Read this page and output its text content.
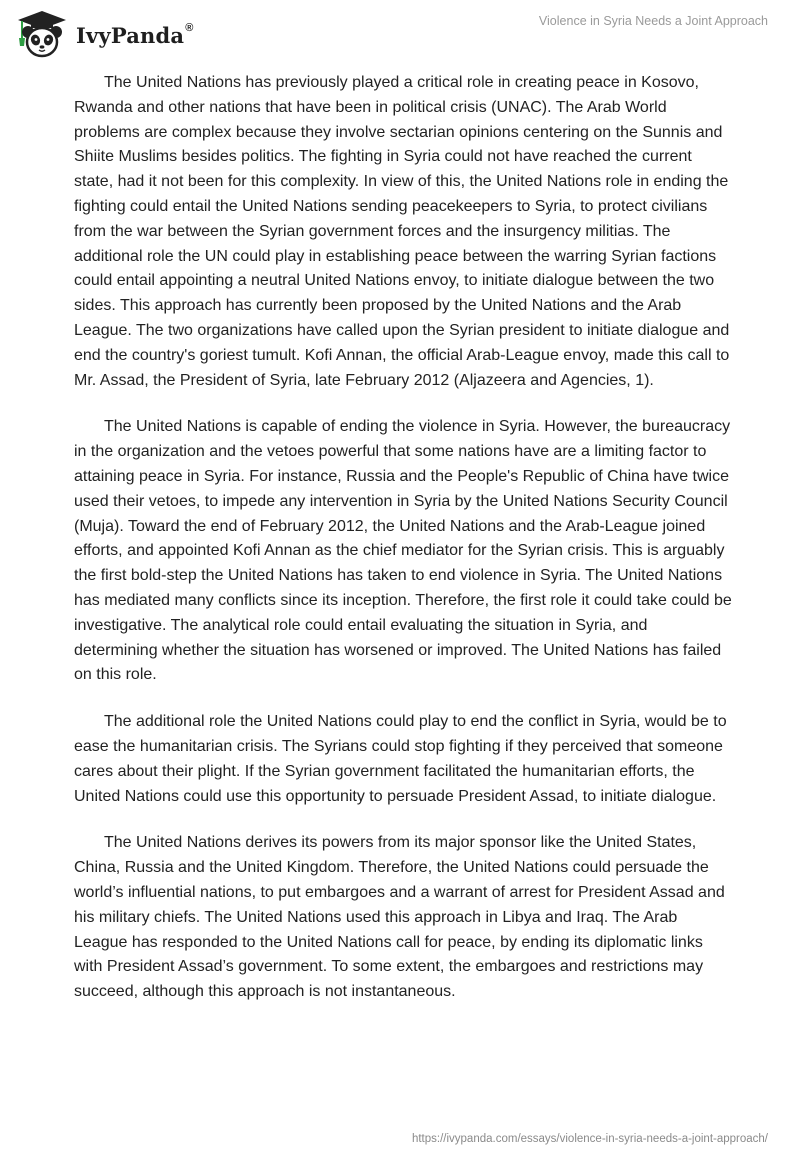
IvyPanda®	Violence in Syria Needs a Joint Approach

The United Nations has previously played a critical role in creating peace in Kosovo, Rwanda and other nations that have been in political crisis (UNAC). The Arab World problems are complex because they involve sectarian opinions centering on the Sunnis and Shiite Muslims besides politics. The fighting in Syria could not have reached the current state, had it not been for this complexity. In view of this, the United Nations role in ending the fighting could entail the United Nations sending peacekeepers to Syria, to protect civilians from the war between the Syrian government forces and the insurgency militias. The additional role the UN could play in establishing peace between the warring Syrian factions could entail appointing a neutral United Nations envoy, to initiate dialogue between the two sides. This approach has currently been proposed by the United Nations and the Arab League. The two organizations have called upon the Syrian president to initiate dialogue and end the country's goriest tumult. Kofi Annan, the official Arab-League envoy, made this call to Mr. Assad, the President of Syria, late February 2012 (Aljazeera and Agencies, 1).

The United Nations is capable of ending the violence in Syria. However, the bureaucracy in the organization and the vetoes powerful that some nations have are a limiting factor to attaining peace in Syria. For instance, Russia and the People's Republic of China have twice used their vetoes, to impede any intervention in Syria by the United Nations Security Council (Muja). Toward the end of February 2012, the United Nations and the Arab-League joined efforts, and appointed Kofi Annan as the chief mediator for the Syrian crisis. This is arguably the first bold-step the United Nations has taken to end violence in Syria. The United Nations has mediated many conflicts since its inception. Therefore, the first role it could take could be investigative. The analytical role could entail evaluating the situation in Syria, and determining whether the situation has worsened or improved. The United Nations has failed on this role.

The additional role the United Nations could play to end the conflict in Syria, would be to ease the humanitarian crisis. The Syrians could stop fighting if they perceived that someone cares about their plight. If the Syrian government facilitated the humanitarian efforts, the United Nations could use this opportunity to persuade President Assad, to initiate dialogue.

The United Nations derives its powers from its major sponsor like the United States, China, Russia and the United Kingdom. Therefore, the United Nations could persuade the world’s influential nations, to put embargoes and a warrant of arrest for President Assad and his military chiefs. The United Nations used this approach in Libya and Iraq. The Arab League has responded to the United Nations call for peace, by ending its diplomatic links with President Assad’s government. To some extent, the embargoes and restrictions may succeed, although this approach is not instantaneous.

https://ivypanda.com/essays/violence-in-syria-needs-a-joint-approach/
